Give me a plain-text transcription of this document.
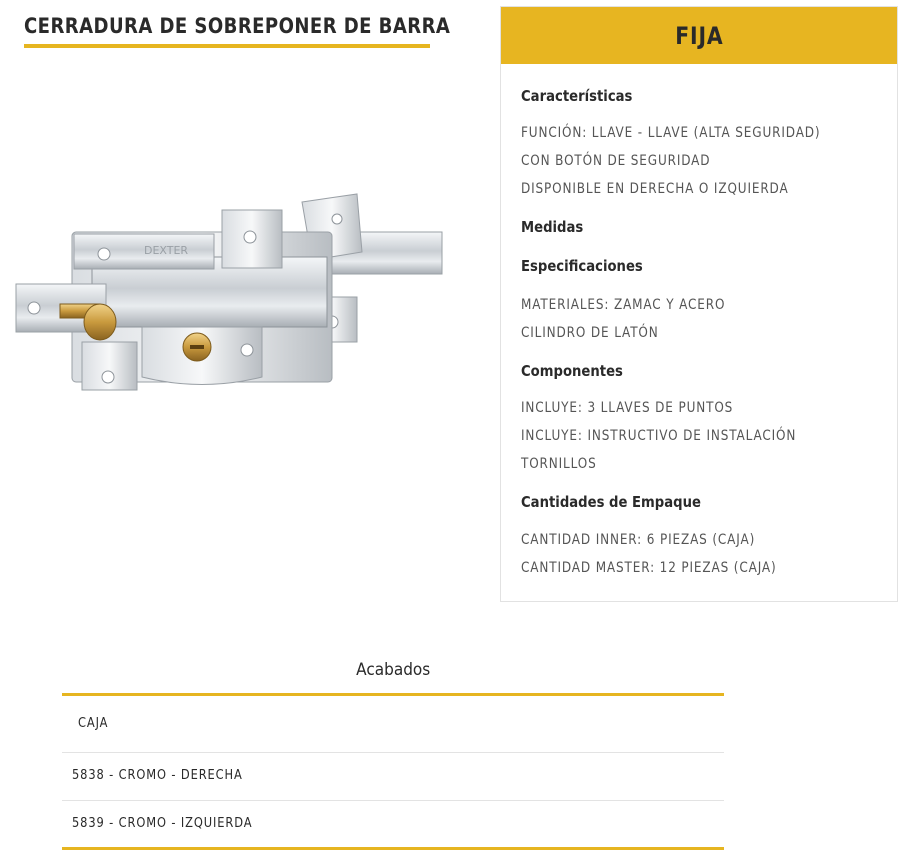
CERRADURA DE SOBREPONER DE BARRA
DEXTER
FIJA
Características
FUNCIÓN: LLAVE - LLAVE (ALTA SEGURIDAD)
CON BOTÓN DE SEGURIDAD
DISPONIBLE EN DERECHA O IZQUIERDA
Medidas
Especificaciones
MATERIALES: ZAMAC Y ACERO
CILINDRO DE LATÓN
Componentes
INCLUYE: 3 LLAVES DE PUNTOS
INCLUYE: INSTRUCTIVO DE INSTALACIÓN
TORNILLOS
Cantidades de Empaque
CANTIDAD INNER: 6 PIEZAS (CAJA)
CANTIDAD MASTER: 12 PIEZAS (CAJA)
Acabados
CAJA
5838 - CROMO - DERECHA
5839 - CROMO - IZQUIERDA
